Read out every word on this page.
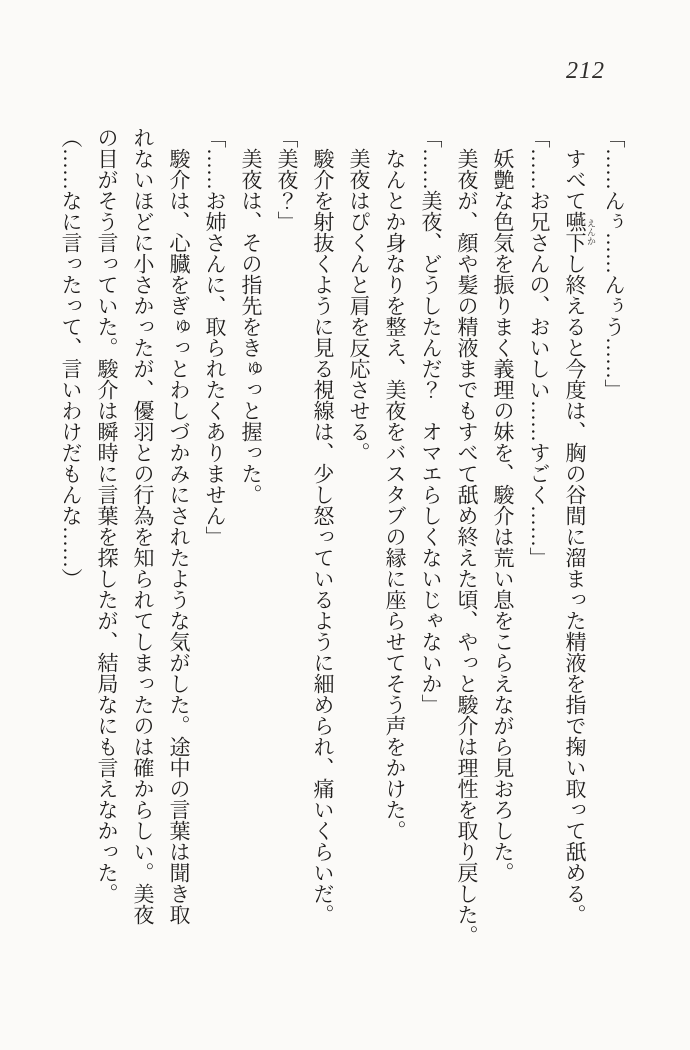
212

「……んぅ……んぅう……」

すべて嚥下 えんかし終えると今度は、胸の谷間に溜まった精液を指で掬い取って舐める。

「……お兄さんの、おいしい……すごく……」

妖艶な色気を振りまく義理の妹を、駿介は荒い息をこらえながら見おろした。

美夜が、顔や髪の精液までもすべて舐め終えた頃、やっと駿介は理性を取り戻した。

「……美夜、どうしたんだ？　オマエらしくないじゃないか」

なんとか身なりを整え、美夜をバスタブの縁に座らせてそう声をかけた。

美夜はぴくんと肩を反応させる。

駿介を射抜くように見る視線は、少し怒っているように細められ、痛いくらいだ。

「美夜？」

美夜は、その指先をきゅっと握った。

「……お姉さんに、取られたくありません」

駿介は、心臓をぎゅっとわしづかみにされたような気がした。途中の言葉は聞き取

れないほどに小さかったが、優羽との行為を知られてしまったのは確からしい。美夜

の目がそう言っていた。駿介は瞬時に言葉を探したが、結局なにも言えなかった。

（……なに言ったって、言いわけだもんな……）
